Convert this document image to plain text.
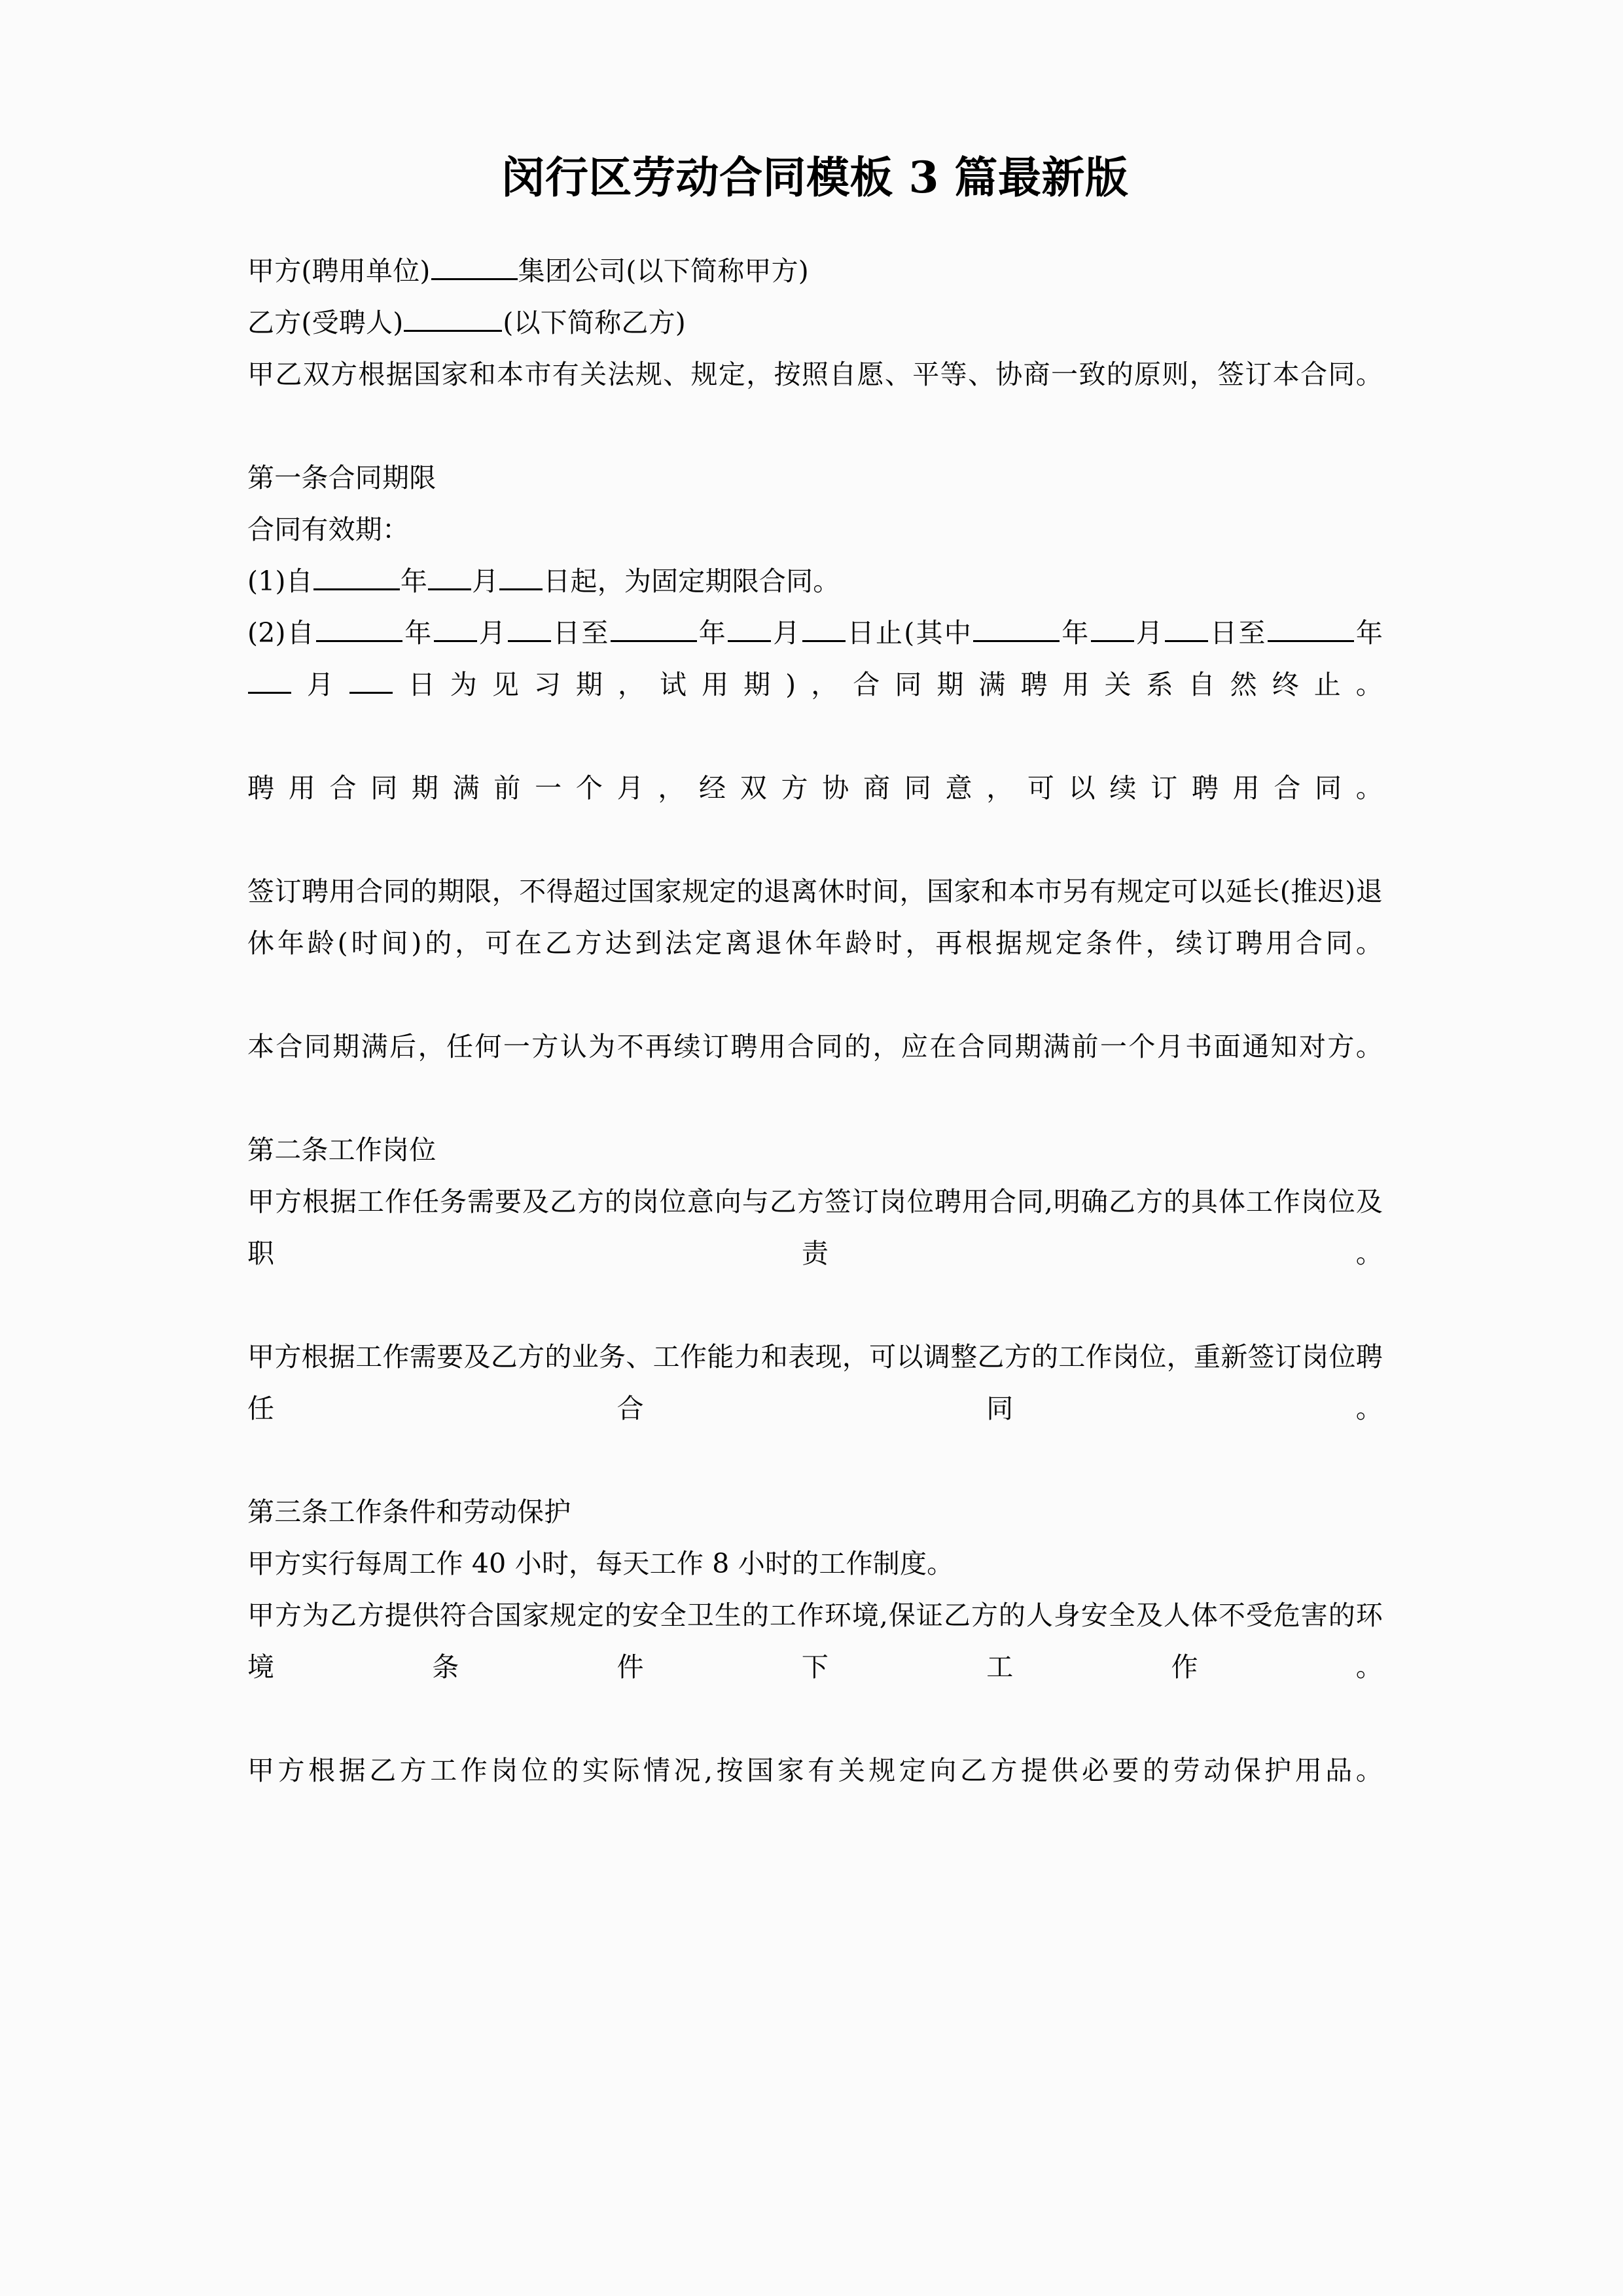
闵行区劳动合同模板 3 篇最新版

甲方(聘用单位)	集团公司(以下简称甲方)

乙方(受聘人)	(以下简称乙方)

甲乙双方根据国家和本市有关法规、规定，按照自愿、平等、协商一致的原则，签订本合同。

第一条合同期限

合同有效期：

(1)自	年 月 日起，为固定期限合同。

(2)自	年 月 日至	年 月 日止(其中	年 月 日至	年月 日为见习期，试用期)，合同期满聘用关系自然终止。

聘用合同期满前一个月，经双方协商同意，可以续订聘用合同。

签订聘用合同的期限，不得超过国家规定的退离休时间，国家和本市另有规定可以延长(推迟)退休年龄(时间)的，可在乙方达到法定离退休年龄时，再根据规定条件，续订聘用合同。

本合同期满后，任何一方认为不再续订聘用合同的，应在合同期满前一个月书面通知对方。

第二条工作岗位

甲方根据工作任务需要及乙方的岗位意向与乙方签订岗位聘用合同,明确乙方的具体工作岗位及职责。

甲方根据工作需要及乙方的业务、工作能力和表现，可以调整乙方的工作岗位，重新签订岗位聘任合同。

第三条工作条件和劳动保护

甲方实行每周工作 40 小时，每天工作 8 小时的工作制度。

甲方为乙方提供符合国家规定的安全卫生的工作环境,保证乙方的人身安全及人体不受危害的环境条件下工作。

甲方根据乙方工作岗位的实际情况,按国家有关规定向乙方提供必要的劳动保护用品。
